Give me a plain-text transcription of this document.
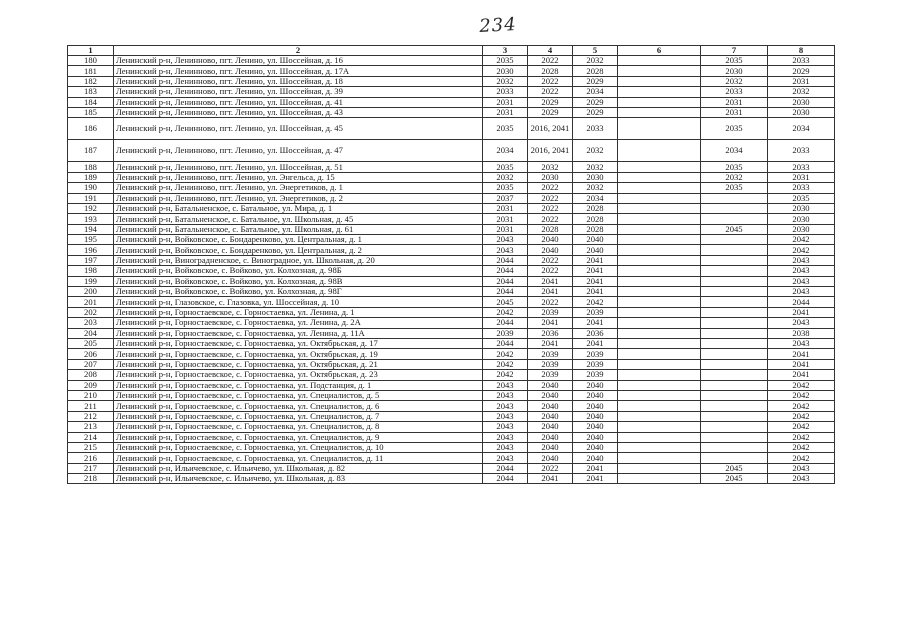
234
1	2	3	4	5	6	7	8
180	Ленинский р-н, Ленинново, пгт. Ленино, ул. Шоссейная, д. 16	2035	2022	2032		2035	2033
181	Ленинский р-н, Ленинново, пгт. Ленино, ул. Шоссейная, д. 17А	2030	2028	2028		2030	2029
182	Ленинский р-н, Ленинново, пгт. Ленино, ул. Шоссейная, д. 18	2032	2022	2029		2032	2031
183	Ленинский р-н, Ленинново, пгт. Ленино, ул. Шоссейная, д. 39	2033	2022	2034		2033	2032
184	Ленинский р-н, Ленинново, пгт. Ленино, ул. Шоссейная, д. 41	2031	2029	2029		2031	2030
185	Ленинский р-н, Ленинново, пгт. Ленино, ул. Шоссейная, д. 43	2031	2029	2029		2031	2030
186	Ленинский р-н, Ленинново, пгт. Ленино, ул. Шоссейная, д. 45	2035	2016, 2041	2033		2035	2034
187	Ленинский р-н, Ленинново, пгт. Ленино, ул. Шоссейная, д. 47	2034	2016, 2041	2032		2034	2033
188	Ленинский р-н, Ленинново, пгт. Ленино, ул. Шоссейная, д. 51	2035	2032	2032		2035	2033
189	Ленинский р-н, Ленинново, пгт. Ленино, ул. Энгельса, д. 15	2032	2030	2030		2032	2031
190	Ленинский р-н, Ленинново, пгт. Ленино, ул. Энергетиков, д. 1	2035	2022	2032		2035	2033
191	Ленинский р-н, Ленинново, пгт. Ленино, ул. Энергетиков, д. 2	2037	2022	2034			2035
192	Ленинский р-н, Батальненское, с. Батальное, ул. Мира, д. 1	2031	2022	2028			2030
193	Ленинский р-н, Батальненское, с. Батальное, ул. Школьная, д. 45	2031	2022	2028			2030
194	Ленинский р-н, Батальненское, с. Батальное, ул. Школьная, д. 61	2031	2028	2028		2045	2030
195	Ленинский р-н, Войковское, с. Бондаренково, ул. Центральная, д. 1	2043	2040	2040			2042
196	Ленинский р-н, Войковское, с. Бондаренково, ул. Центральная, д. 2	2043	2040	2040			2042
197	Ленинский р-н, Виноградненское, с. Виноградное, ул. Школьная, д. 20	2044	2022	2041			2043
198	Ленинский р-н, Войковское, с. Войково, ул. Колхозная, д. 98Б	2044	2022	2041			2043
199	Ленинский р-н, Войковское, с. Войково, ул. Колхозная, д. 98В	2044	2041	2041			2043
200	Ленинский р-н, Войковское, с. Войково, ул. Колхозная, д. 98Г	2044	2041	2041			2043
201	Ленинский р-н, Глазовское, с. Глазовка, ул. Шоссейная, д. 10	2045	2022	2042			2044
202	Ленинский р-н, Горностаевское, с. Горностаевка, ул. Ленина, д. 1	2042	2039	2039			2041
203	Ленинский р-н, Горностаевское, с. Горностаевка, ул. Ленина, д. 2А	2044	2041	2041			2043
204	Ленинский р-н, Горностаевское, с. Горностаевка, ул. Ленина, д. 11А	2039	2036	2036			2038
205	Ленинский р-н, Горностаевское, с. Горностаевка, ул. Октябрьская, д. 17	2044	2041	2041			2043
206	Ленинский р-н, Горностаевское, с. Горностаевка, ул. Октябрьская, д. 19	2042	2039	2039			2041
207	Ленинский р-н, Горностаевское, с. Горностаевка, ул. Октябрьская, д. 21	2042	2039	2039			2041
208	Ленинский р-н, Горностаевское, с. Горностаевка, ул. Октябрьская, д. 23	2042	2039	2039			2041
209	Ленинский р-н, Горностаевское, с. Горностаевка, ул. Подстанция, д. 1	2043	2040	2040			2042
210	Ленинский р-н, Горностаевское, с. Горностаевка, ул. Специалистов, д. 5	2043	2040	2040			2042
211	Ленинский р-н, Горностаевское, с. Горностаевка, ул. Специалистов, д. 6	2043	2040	2040			2042
212	Ленинский р-н, Горностаевское, с. Горностаевка, ул. Специалистов, д. 7	2043	2040	2040			2042
213	Ленинский р-н, Горностаевское, с. Горностаевка, ул. Специалистов, д. 8	2043	2040	2040			2042
214	Ленинский р-н, Горностаевское, с. Горностаевка, ул. Специалистов, д. 9	2043	2040	2040			2042
215	Ленинский р-н, Горностаевское, с. Горностаевка, ул. Специалистов, д. 10	2043	2040	2040			2042
216	Ленинский р-н, Горностаевское, с. Горностаевка, ул. Специалистов, д. 11	2043	2040	2040			2042
217	Ленинский р-н, Ильичевское, с. Ильичево, ул. Школьная, д. 82	2044	2022	2041		2045	2043
218	Ленинский р-н, Ильичевское, с. Ильичево, ул. Школьная, д. 83	2044	2041	2041		2045	2043
